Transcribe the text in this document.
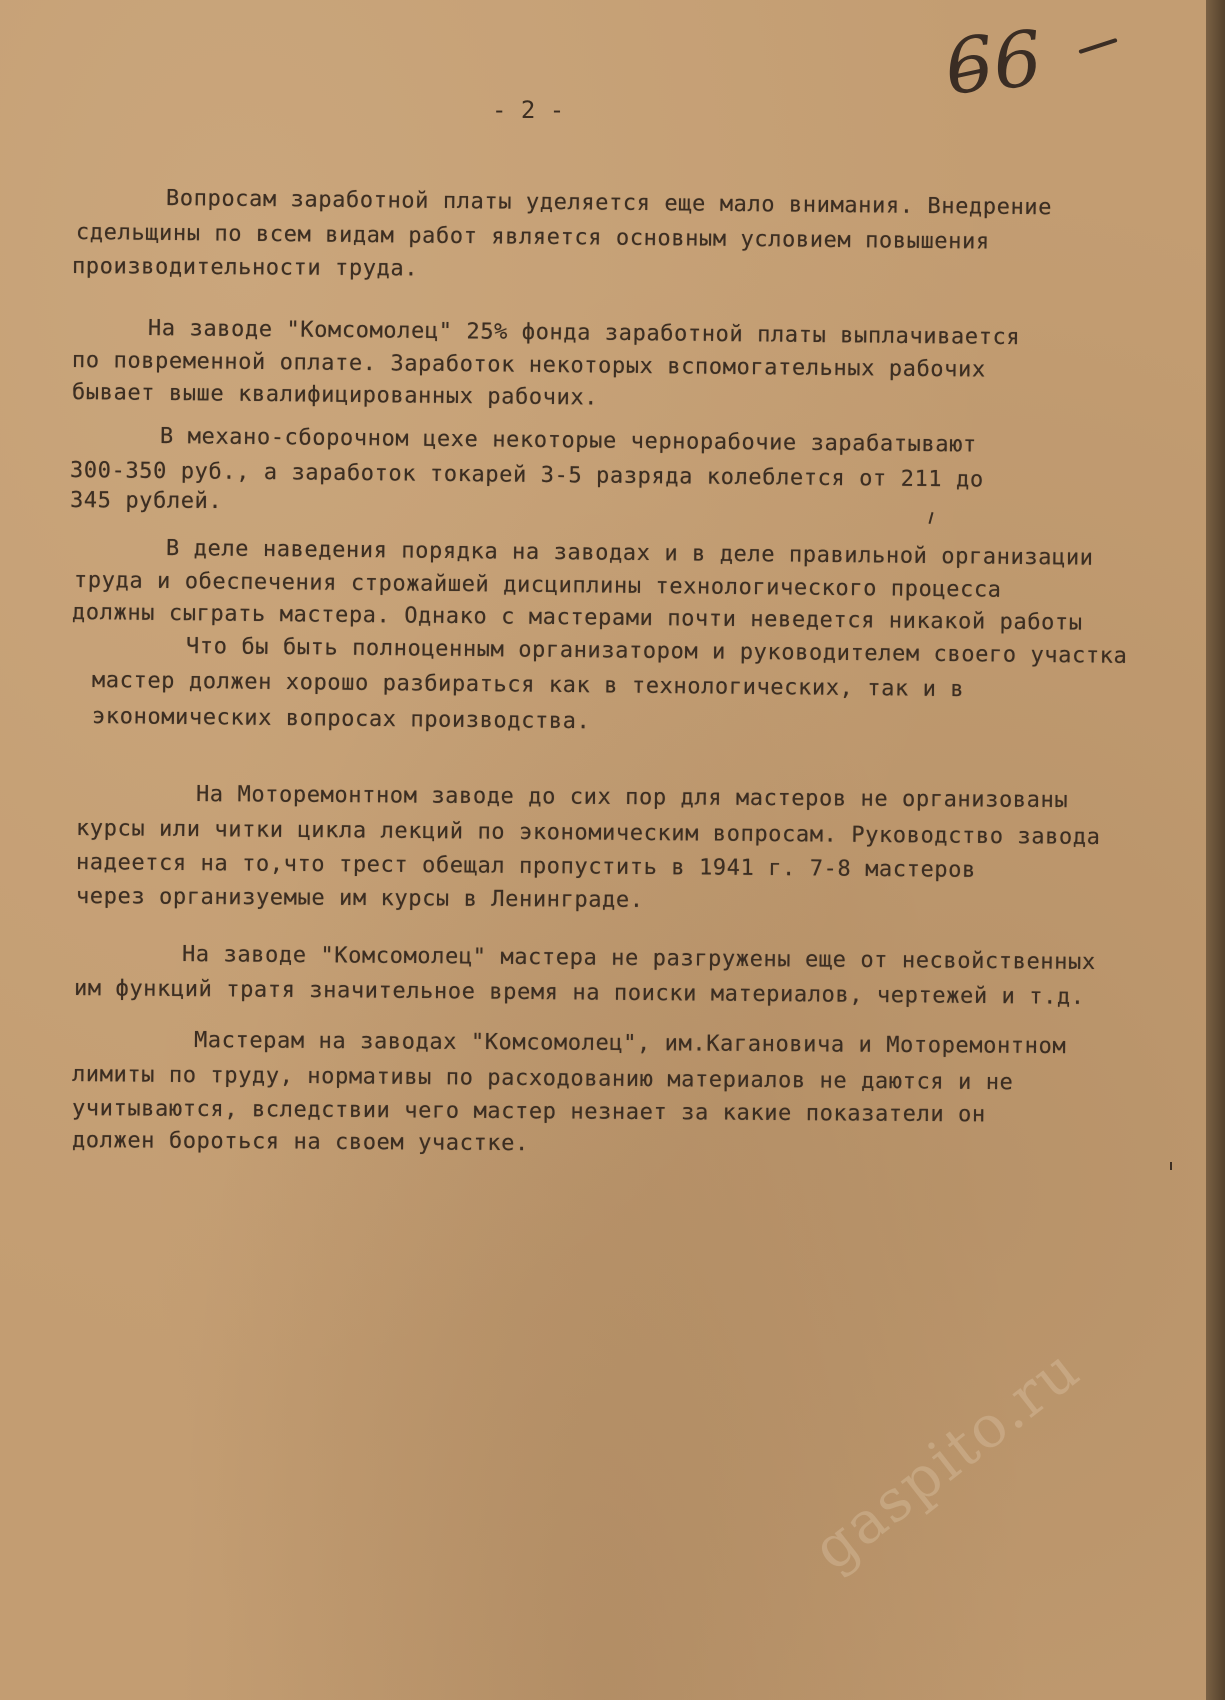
66
- 2 -

Вопросам заработной платы уделяется еще мало внимания. Внедрение

сдельщины по всем видам работ является основным условием повышения

производительности труда.

На заводе "Комсомолец" 25% фонда заработной платы выплачивается

по повременной оплате. Заработок некоторых вспомогательных рабочих

бывает выше квалифицированных рабочих.

В механо-сборочном цехе некоторые чернорабочие зарабатывают

300-350 руб., а заработок токарей 3-5 разряда колеблется от 211 до

345 рублей.

В деле наведения порядка на заводах и в деле правильной организации

труда и обеспечения строжайшей дисциплины технологического процесса

должны сыграть мастера. Однако с мастерами почти неведется никакой работы

Что бы быть полноценным организатором и руководителем своего участка

мастер должен хорошо разбираться как в технологических, так и в

экономических вопросах производства.

На Моторемонтном заводе до сих пор для мастеров не организованы

курсы или читки цикла лекций по экономическим вопросам. Руководство завода

надеется на то,что трест обещал пропустить в 1941 г. 7-8 мастеров

через организуемые им курсы в Ленинграде.

На заводе "Комсомолец" мастера не разгружены еще от несвойственных

им функций тратя значительное время на поиски материалов, чертежей и т.д.

Мастерам на заводах "Комсомолец", им.Кагановича и Моторемонтном

лимиты по труду, нормативы по расходованию материалов не даются и не

учитываются, вследствии чего мастер незнает за какие показатели он

должен бороться на своем участке.

gaspito.ru
